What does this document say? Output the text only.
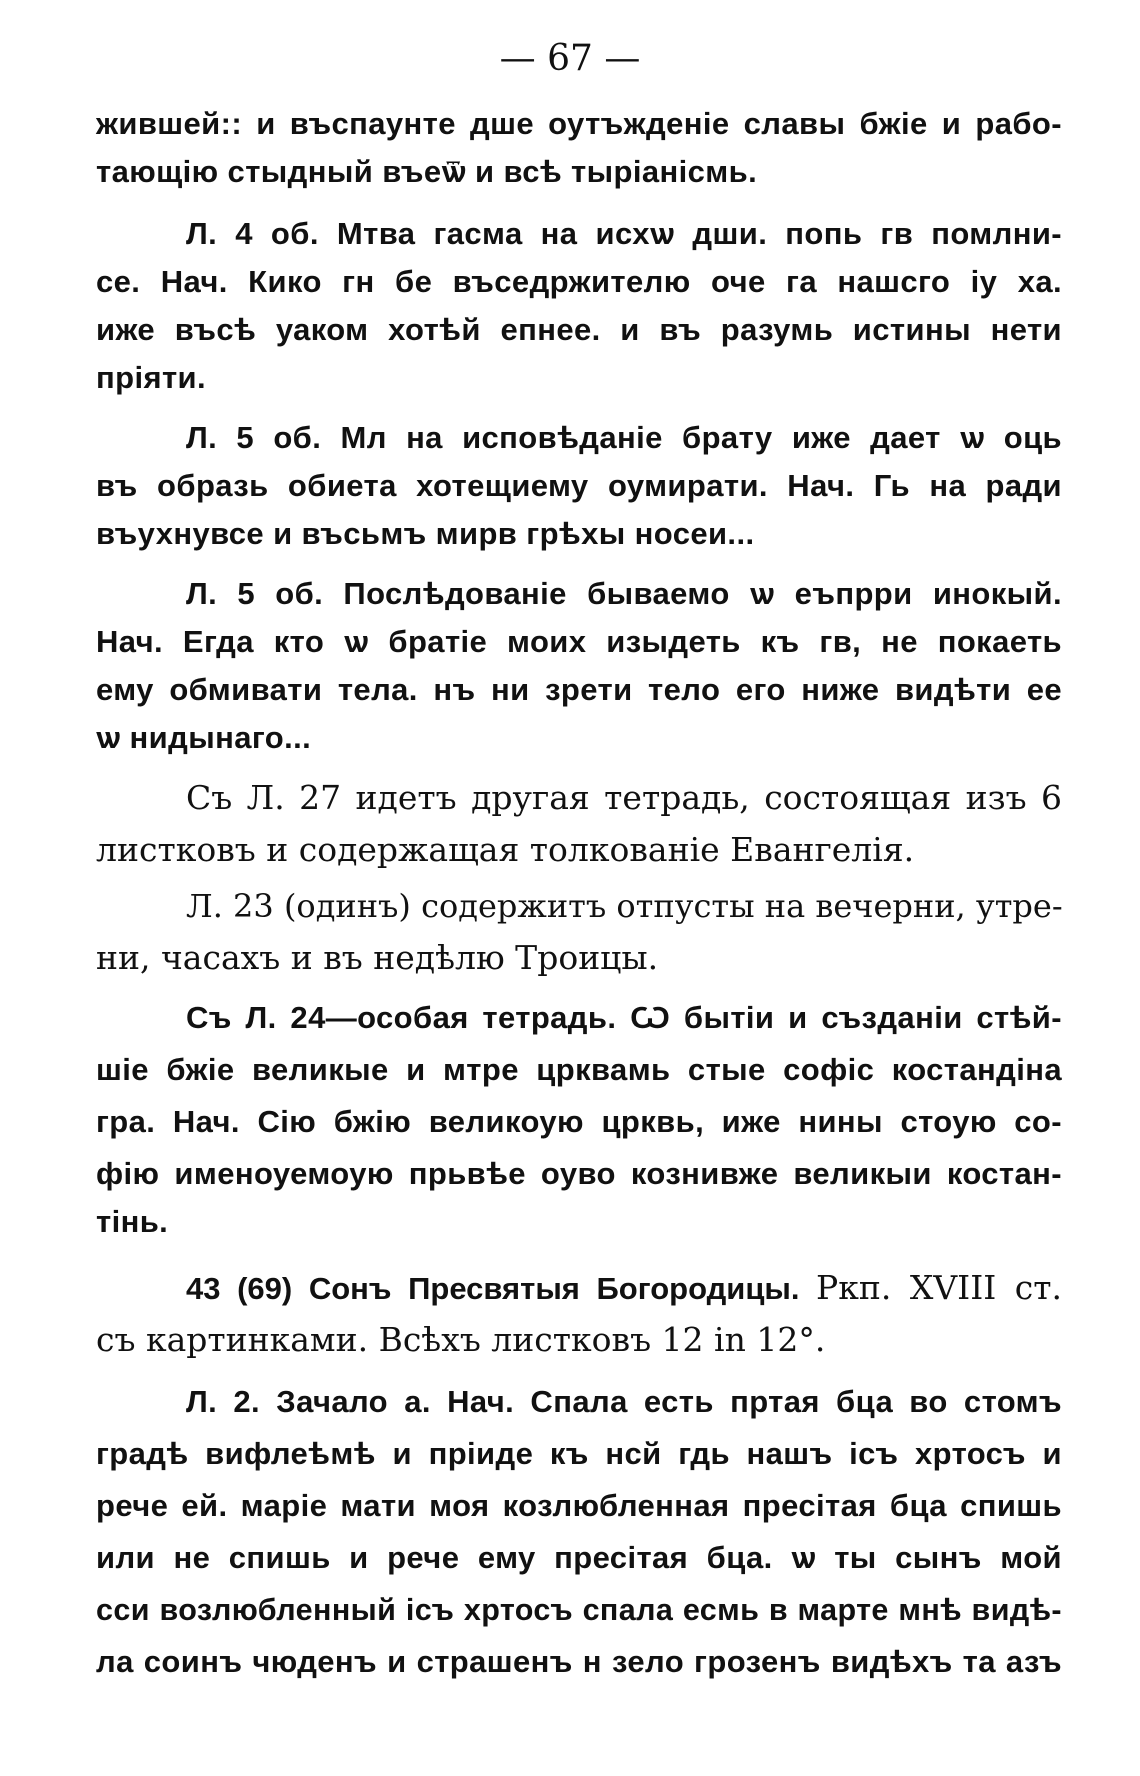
— 67 —
жившей:: и въспаунте дше оутъжденіе славы бжіе и рабо-
тающію стыдный въеѿ и всѣ тыріанісмь.
Л. 4 об. Мтва гасма на исхѡ дши. попь гв помлни-
се. Нач. Кико гн бе въседржителю оче га нашсго іу ха.
иже въсѣ уаком хотѣй епнеe. и въ разумь истины нети
пріяти.
Л. 5 об. Мл на исповѣданіе брату иже дает ѡ оць
въ образь обиета хотещиему оумирати. Нач. Гь на ради
въухнувсе и въсьмъ мирв грѣхы носеи...
Л. 5 об. Послѣдованіе бываемо ѡ еъпрри инокый.
Нач. Егда кто ѡ братіе моих изыдеть къ гв, не покаеть
ему обмивати тела. нъ ни зрети тело его ниже видѣти ее
ѡ нидынаго...
Съ Л. 27 идетъ другая тетрадь, состоящая изъ 6
листковъ и содержащая толкованіе Евангелія.
Л. 23 (одинъ) содержитъ отпусты на вечерни, утре-
ни, часахъ и въ недѣлю Троицы.
Съ Л. 24—особая тетрадь. Ѡ бытіи и създаніи стѣй-
шіе бжіе великые и мтре црквамь стые софіс костандіна
гра. Нач. Сію бжію великоую црквь, иже нины стоую со-
фію именоуемоую прьвѣе оуво кознивже великыи костан-
тінь.
43 (69) Сонъ Пресвятыя Богородицы. Ркп. XVIII ст.
съ картинками. Всѣхъ листковъ 12 in 12°.
Л. 2. Зачало а. Нач. Спала есть пртая бца во стомъ
градѣ вифлеѣмѣ и пріиде къ нсй гдь нашъ ісъ хртосъ и
рече ей. маріе мати моя козлюбленная пресітая бца спишь
или не спишь и рече ему пресітая бца. ѡ ты сынъ мой
сси возлюбленный ісъ хртосъ спала есмь в марте мнѣ видѣ-
ла соинъ чюденъ и страшенъ н зело грозенъ видѣхъ та азъ
